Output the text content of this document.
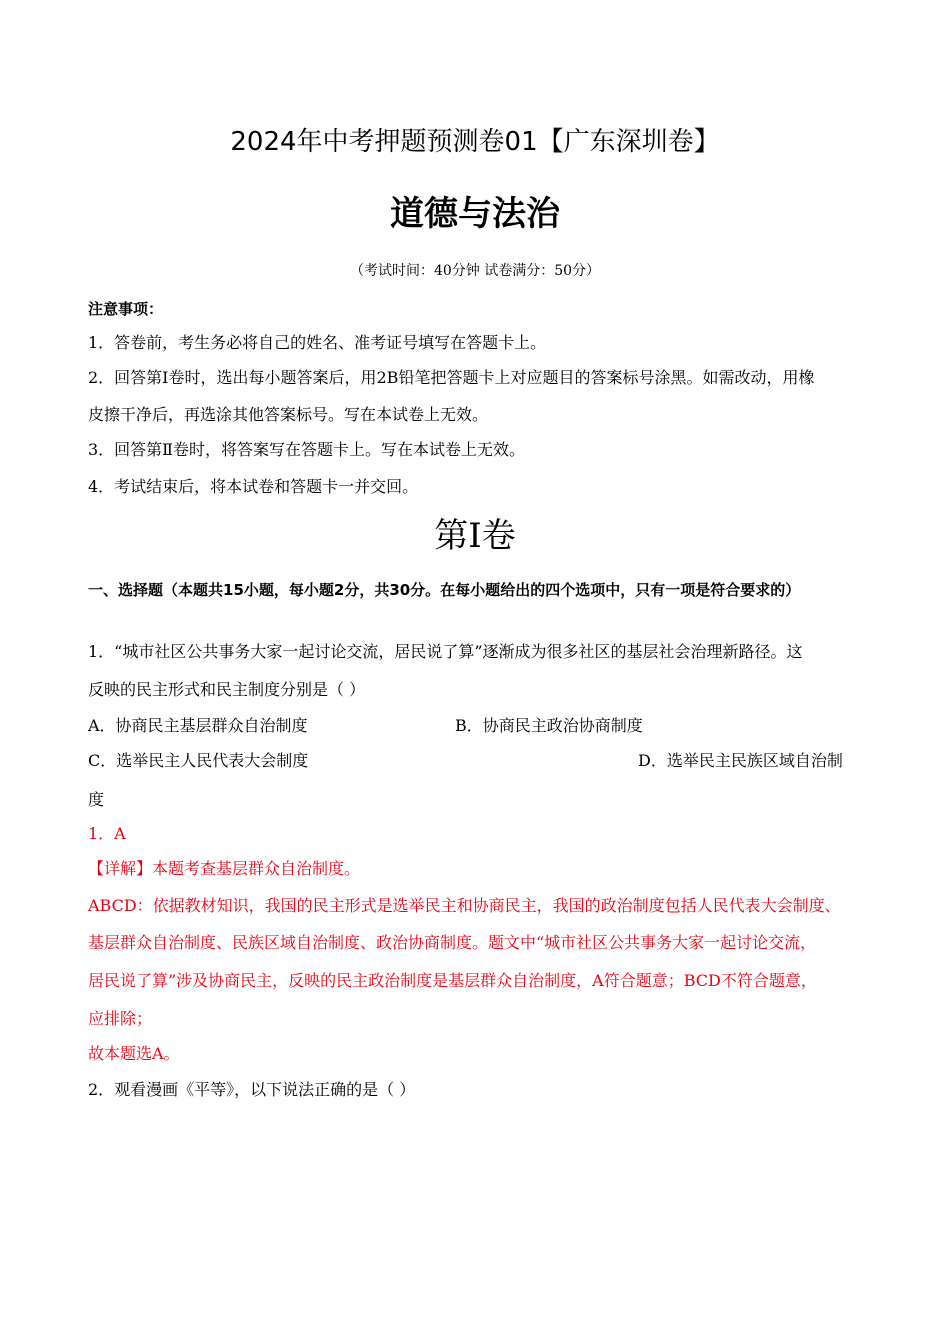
2024年中考押题预测卷01【广东深圳卷】
道德与法治
（考试时间：40分钟 试卷满分：50分）
注意事项：
1．答卷前，考生务必将自己的姓名、准考证号填写在答题卡上。
2．回答第Ⅰ卷时，选出每小题答案后，用2B铅笔把答题卡上对应题目的答案标号涂黑。如需改动，用橡
皮擦干净后，再选涂其他答案标号。写在本试卷上无效。
3．回答第Ⅱ卷时，将答案写在答题卡上。写在本试卷上无效。
4．考试结束后，将本试卷和答题卡一并交回。
第Ⅰ卷
一、选择题（本题共15小题，每小题2分，共30分。在每小题给出的四个选项中，只有一项是符合要求的）
1．“城市社区公共事务大家一起讨论交流，居民说了算”逐渐成为很多社区的基层社会治理新路径。这
反映的民主形式和民主制度分别是（ ）
A．协商民主基层群众自治制度	B．协商民主政治协商制度
C．选举民主人民代表大会制度	D．选举民主民族区域自治制
度
1．A
【详解】本题考查基层群众自治制度。
ABCD：依据教材知识，我国的民主形式是选举民主和协商民主，我国的政治制度包括人民代表大会制度、
基层群众自治制度、民族区域自治制度、政治协商制度。题文中“城市社区公共事务大家一起讨论交流，
居民说了算”涉及协商民主，反映的民主政治制度是基层群众自治制度，A符合题意；BCD不符合题意，
应排除；
故本题选A。
2．观看漫画《平等》，以下说法正确的是（ ）
